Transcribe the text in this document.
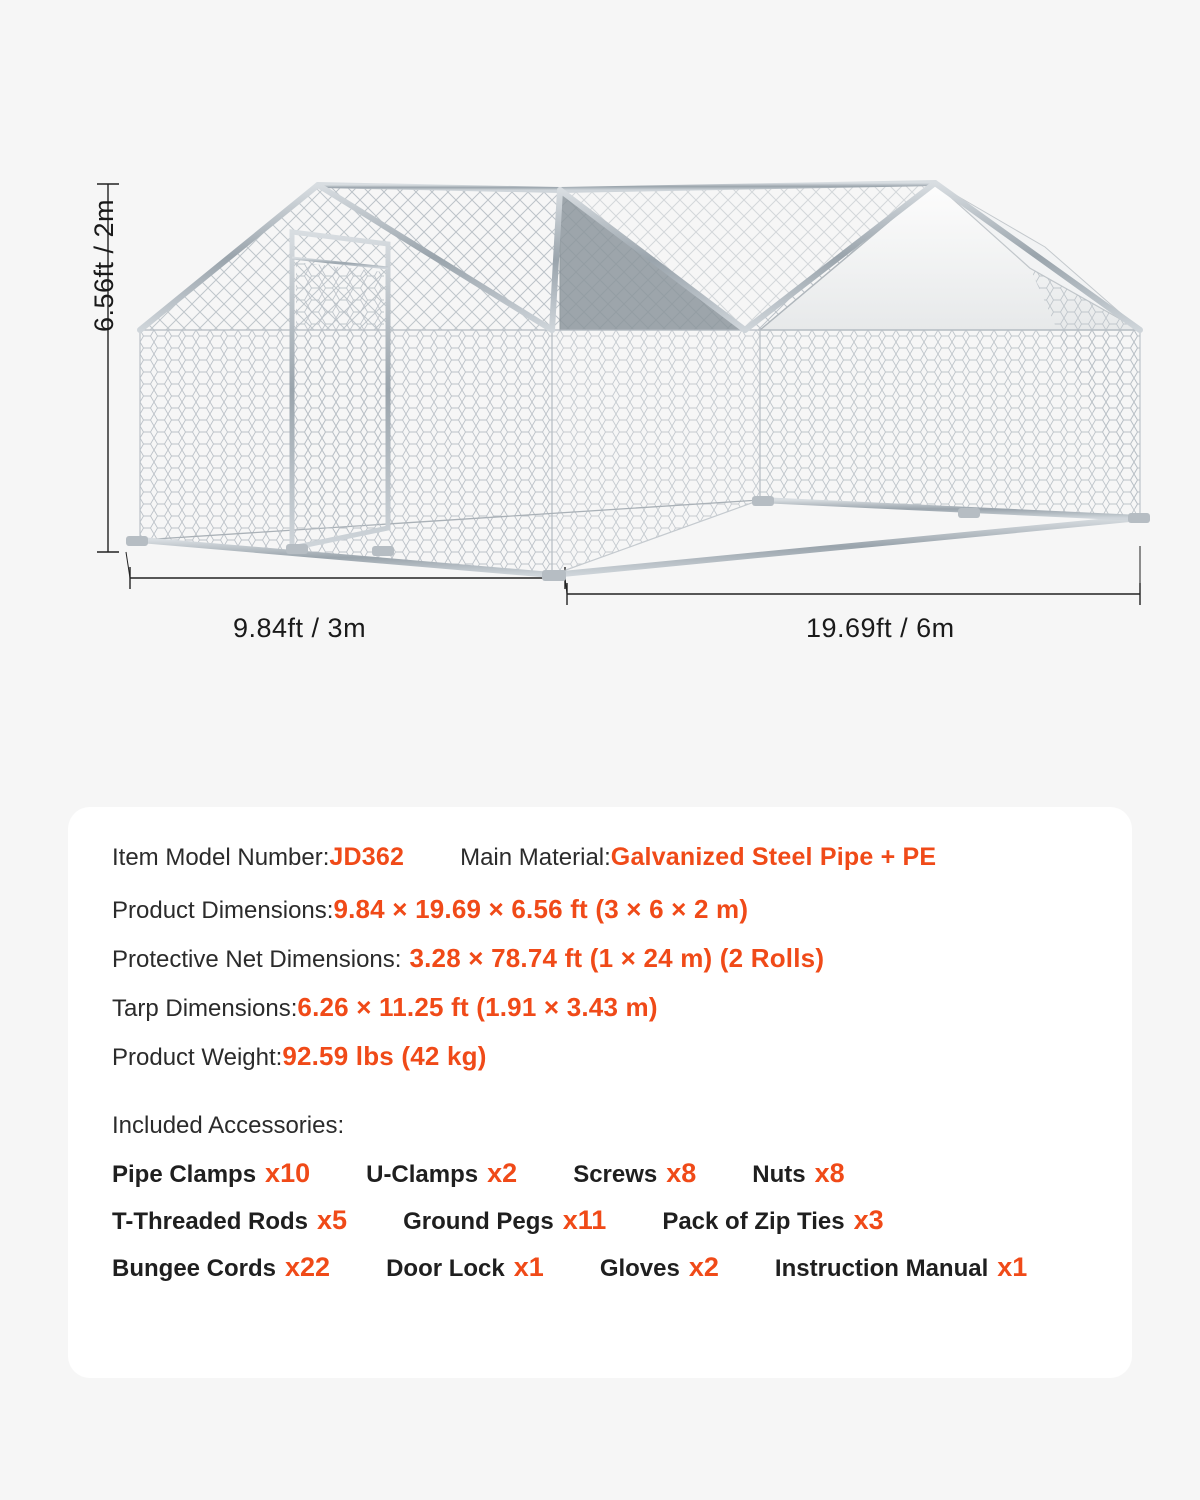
6.56ft / 2m
9.84ft / 3m	19.69ft / 6m
Item Model Number: JD362 Main Material: Galvanized Steel Pipe + PE
Product Dimensions: 9.84 × 19.69 × 6.56 ft (3 × 6 × 2 m)
Protective Net Dimensions: 3.28 × 78.74 ft (1 × 24 m) (2 Rolls)
Tarp Dimensions: 6.26 × 11.25 ft (1.91 × 3.43 m)
Product Weight: 92.59 lbs (42 kg)
Included Accessories:
Pipe Clamps x10 U-Clamps x2 Screws x8 Nuts x8
T-Threaded Rods x5 Ground Pegs x11 Pack of Zip Ties x3
Bungee Cords x22 Door Lock x1 Gloves x2 Instruction Manual x1
